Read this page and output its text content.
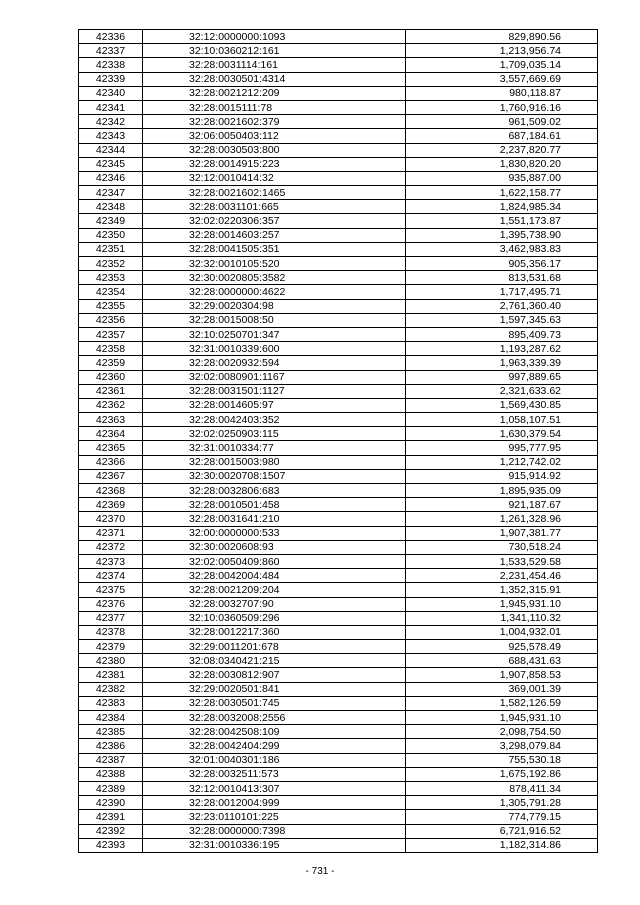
42336	32:12:0000000:1093	829,890.56
42337	32:10:0360212:161	1,213,956.74
42338	32:28:0031114:161	1,709,035.14
42339	32:28:0030501:4314	3,557,669.69
42340	32:28:0021212:209	980,118.87
42341	32:28:0015111:78	1,760,916.16
42342	32:28:0021602:379	961,509.02
42343	32:06:0050403:112	687,184.61
42344	32:28:0030503:800	2,237,820.77
42345	32:28:0014915:223	1,830,820.20
42346	32:12:0010414:32	935,887.00
42347	32:28:0021602:1465	1,622,158.77
42348	32:28:0031101:665	1,824,985.34
42349	32:02:0220306:357	1,551,173.87
42350	32:28:0014603:257	1,395,738.90
42351	32:28:0041505:351	3,462,983.83
42352	32:32:0010105:520	905,356.17
42353	32:30:0020805:3582	813,531.68
42354	32:28:0000000:4622	1,717,495.71
42355	32:29:0020304:98	2,761,360.40
42356	32:28:0015008:50	1,597,345.63
42357	32:10:0250701:347	895,409.73
42358	32:31:0010339:600	1,193,287.62
42359	32:28:0020932:594	1,963,339.39
42360	32:02:0080901:1167	997,889.65
42361	32:28:0031501:1127	2,321,633.62
42362	32:28:0014605:97	1,569,430.85
42363	32:28:0042403:352	1,058,107.51
42364	32:02:0250903:115	1,630,379.54
42365	32:31:0010334:77	995,777.95
42366	32:28:0015003:980	1,212,742.02
42367	32:30:0020708:1507	915,914.92
42368	32:28:0032806:683	1,895,935.09
42369	32:28:0010501:458	921,187.67
42370	32:28:0031641:210	1,261,328.96
42371	32:00:0000000:533	1,907,381.77
42372	32:30:0020608:93	730,518.24
42373	32:02:0050409:860	1,533,529.58
42374	32:28:0042004:484	2,231,454.46
42375	32:28:0021209:204	1,352,315.91
42376	32:28:0032707:90	1,945,931.10
42377	32:10:0360509:296	1,341,110.32
42378	32:28:0012217:360	1,004,932.01
42379	32:29:0011201:678	925,578.49
42380	32:08:0340421:215	688,431.63
42381	32:28:0030812:907	1,907,858.53
42382	32:29:0020501:841	369,001.39
42383	32:28:0030501:745	1,582,126.59
42384	32:28:0032008:2556	1,945,931.10
42385	32:28:0042508:109	2,098,754.50
42386	32:28:0042404:299	3,298,079.84
42387	32:01:0040301:186	755,530.18
42388	32:28:0032511:573	1,675,192.86
42389	32:12:0010413:307	878,411.34
42390	32:28:0012004:999	1,305,791.28
42391	32:23:0110101:225	774,779.15
42392	32:28:0000000:7398	6,721,916.52
42393	32:31:0010336:195	1,182,314.86
- 731 -
